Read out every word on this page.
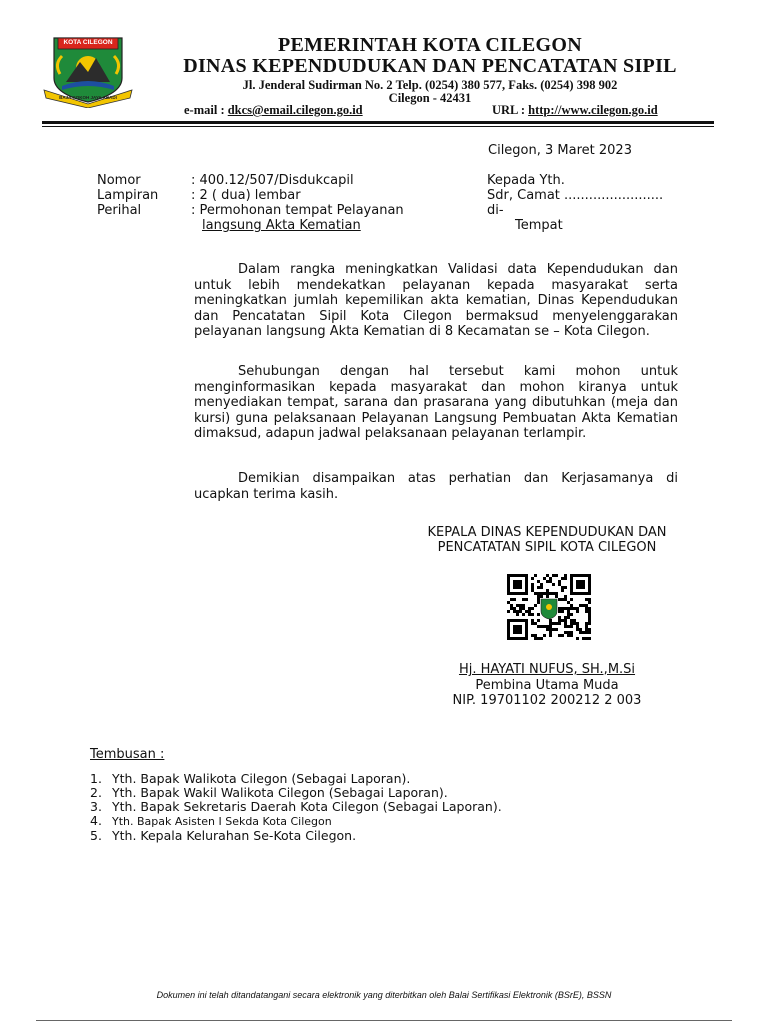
KOTA CILEGON
BAJA KOKOH JAYA ABADI
PEMERINTAH KOTA CILEGON
DINAS KEPENDUDUKAN DAN PENCATATAN SIPIL
Jl. Jenderal Sudirman No. 2 Telp. (0254) 380 577, Faks. (0254) 398 902
Cilegon - 42431
e-mail : dkcs@email.cilegon.go.id	URL : http://www.cilegon.go.id
Cilegon, 3 Maret 2023
Nomor	: 400.12/507/Disdukcapil
Lampiran	: 2 ( dua) lembar
Perihal	: Permohonan tempat Pelayanan
langsung Akta Kematian
Kepada Yth.
Sdr, Camat ........................
di-
Tempat
Dalam rangka meningkatkan Validasi data Kependudukan dan untuk lebih mendekatkan pelayanan kepada masyarakat serta meningkatkan jumlah kepemilikan akta kematian, Dinas Kependudukan dan Pencatatan Sipil Kota Cilegon bermaksud menyelenggarakan pelayanan langsung Akta Kematian di 8 Kecamatan se – Kota Cilegon.
Sehubungan dengan hal tersebut kami mohon untuk menginformasikan kepada masyarakat dan mohon kiranya untuk menyediakan tempat, sarana dan prasarana yang dibutuhkan (meja dan kursi) guna pelaksanaan Pelayanan Langsung Pembuatan Akta Kematian dimaksud, adapun jadwal pelaksanaan pelayanan terlampir.
Demikian disampaikan atas perhatian dan Kerjasamanya di ucapkan terima kasih.
KEPALA DINAS KEPENDUDUKAN DAN
PENCATATAN SIPIL KOTA CILEGON
Hj. HAYATI NUFUS, SH.,M.Si
Pembina Utama Muda
NIP. 19701102 200212 2 003
Tembusan :
1. Yth. Bapak Walikota Cilegon (Sebagai Laporan).
2. Yth. Bapak Wakil Walikota Cilegon (Sebagai Laporan).
3. Yth. Bapak Sekretaris Daerah Kota Cilegon (Sebagai Laporan).
4. Yth. Bapak Asisten I Sekda Kota Cilegon
5. Yth. Kepala Kelurahan Se-Kota Cilegon.
Dokumen ini telah ditandatangani secara elektronik yang diterbitkan oleh Balai Sertifikasi Elektronik (BSrE), BSSN
